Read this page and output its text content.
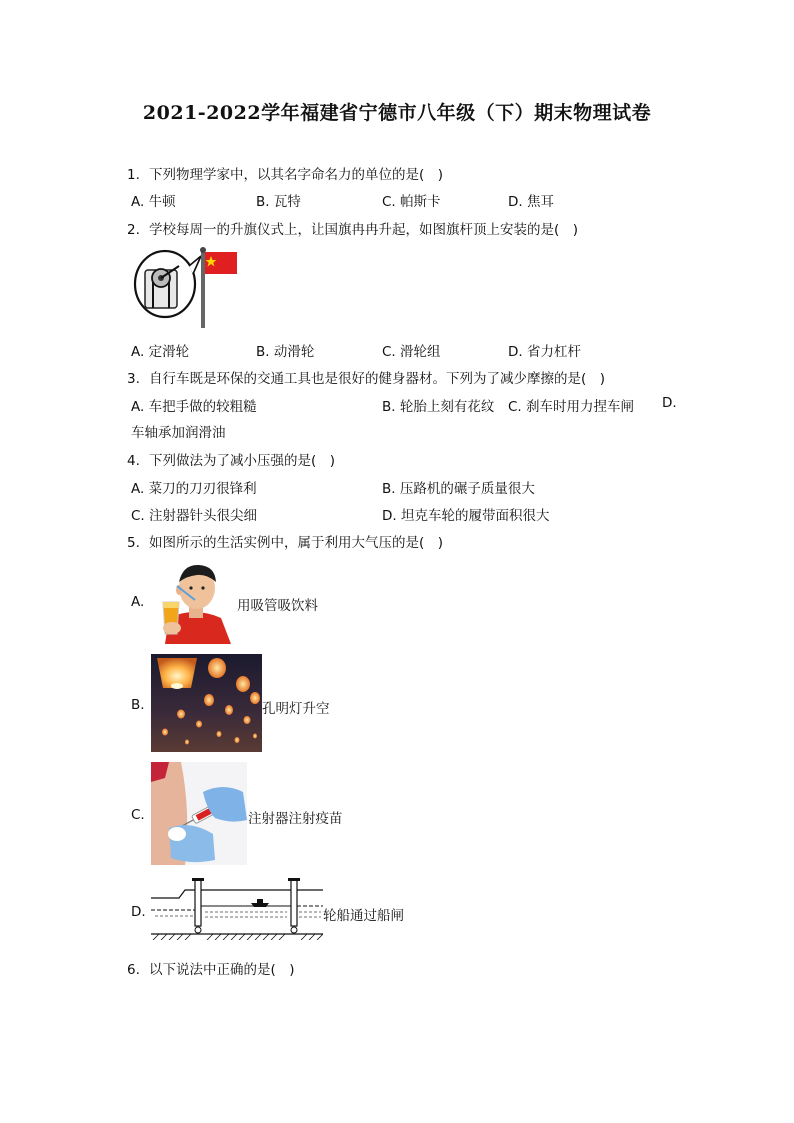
2021-2022学年福建省宁德市八年级（下）期末物理试卷
1. 下列物理学家中，以其名字命名力的单位的是(　)
A. 牛顿	B. 瓦特	C. 帕斯卡	D. 焦耳
2. 学校每周一的升旗仪式上，让国旗冉冉升起，如图旗杆顶上安装的是(　)
A. 定滑轮	B. 动滑轮	C. 滑轮组	D. 省力杠杆
3. 自行车既是环保的交通工具也是很好的健身器材。下列为了减少摩擦的是(　)
A. 车把手做的较粗糙	B. 轮胎上刻有花纹 C. 刹车时用力捏车闸 D.
车轴承加润滑油
4. 下列做法为了减小压强的是(　)
A. 菜刀的刀刃很锋利	B. 压路机的碾子质量很大
C. 注射器针头很尖细	D. 坦克车轮的履带面积很大
5. 如图所示的生活实例中，属于利用大气压的是(　)
A.	用吸管吸饮料
B.	孔明灯升空
C.	注射器注射疫苗
D.	轮船通过船闸
6. 以下说法中正确的是(　)
